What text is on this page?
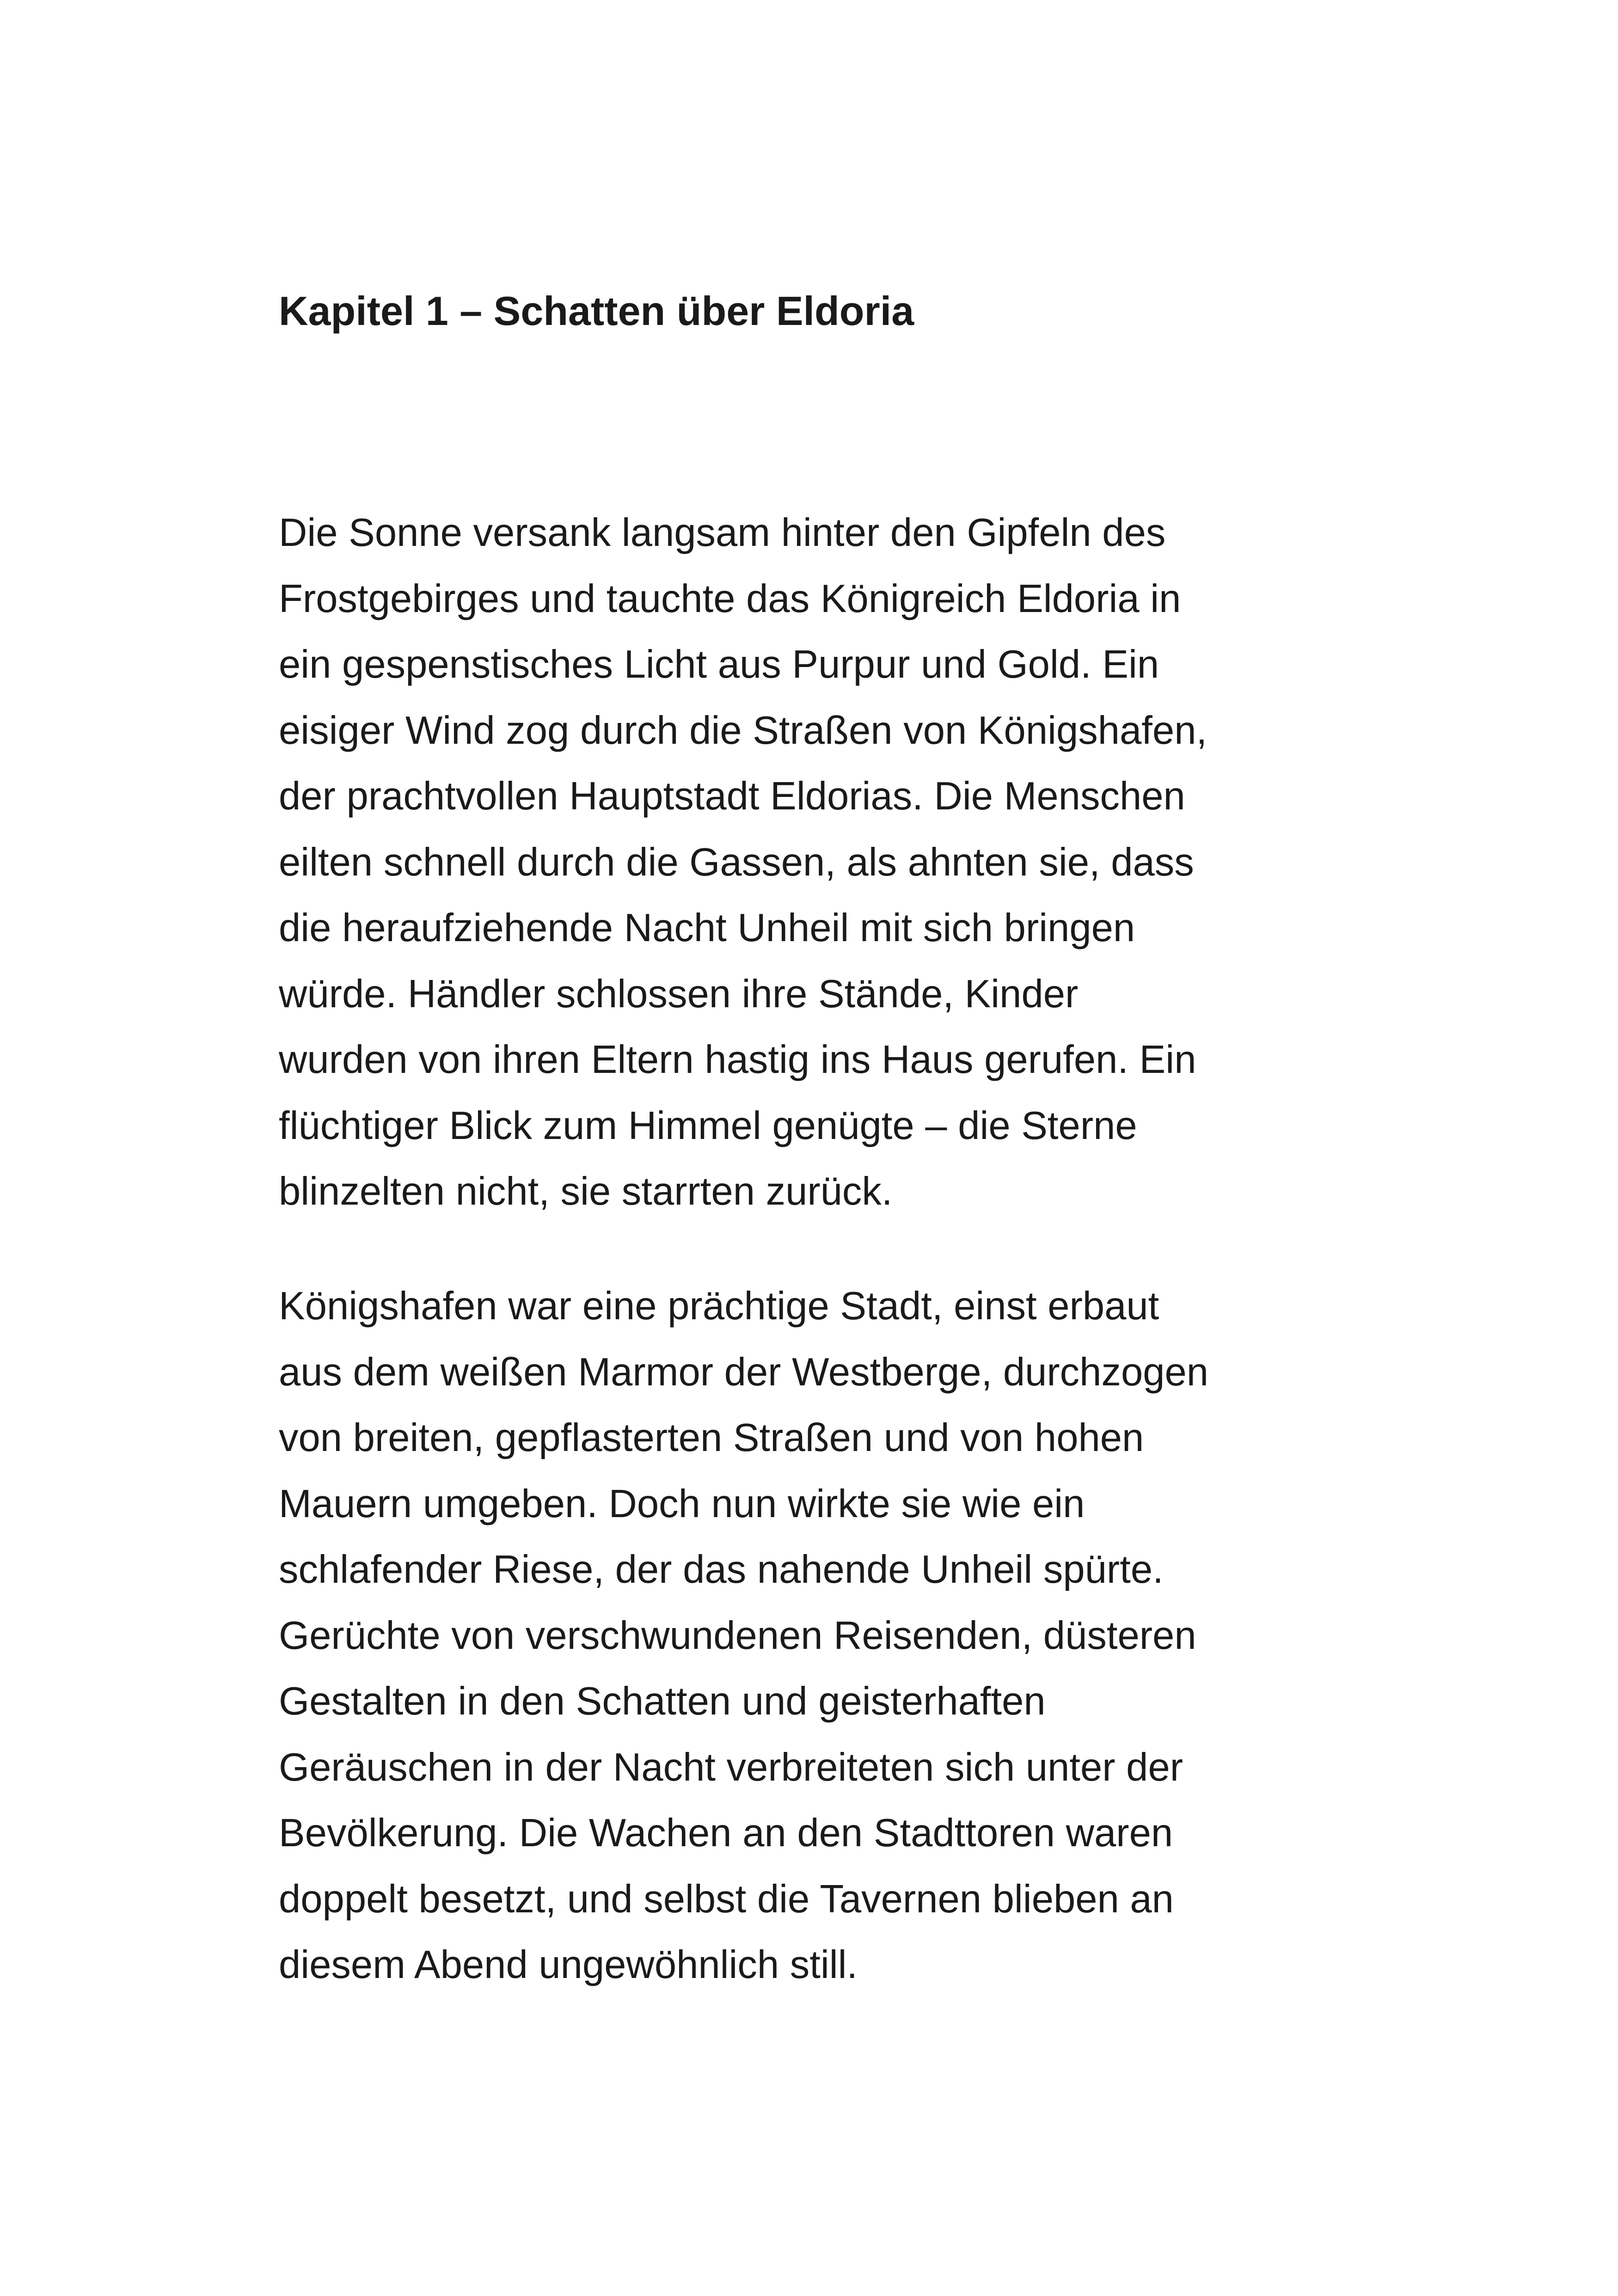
Kapitel 1 – Schatten über Eldoria

Die Sonne versank langsam hinter den Gipfeln des
Frostgebirges und tauchte das Königreich Eldoria in
ein gespenstisches Licht aus Purpur und Gold. Ein
eisiger Wind zog durch die Straßen von Königshafen,
der prachtvollen Hauptstadt Eldorias. Die Menschen
eilten schnell durch die Gassen, als ahnten sie, dass
die heraufziehende Nacht Unheil mit sich bringen
würde. Händler schlossen ihre Stände, Kinder
wurden von ihren Eltern hastig ins Haus gerufen. Ein
flüchtiger Blick zum Himmel genügte – die Sterne
blinzelten nicht, sie starrten zurück.

Königshafen war eine prächtige Stadt, einst erbaut
aus dem weißen Marmor der Westberge, durchzogen
von breiten, gepflasterten Straßen und von hohen
Mauern umgeben. Doch nun wirkte sie wie ein
schlafender Riese, der das nahende Unheil spürte.
Gerüchte von verschwundenen Reisenden, düsteren
Gestalten in den Schatten und geisterhaften
Geräuschen in der Nacht verbreiteten sich unter der
Bevölkerung. Die Wachen an den Stadttoren waren
doppelt besetzt, und selbst die Tavernen blieben an
diesem Abend ungewöhnlich still.
